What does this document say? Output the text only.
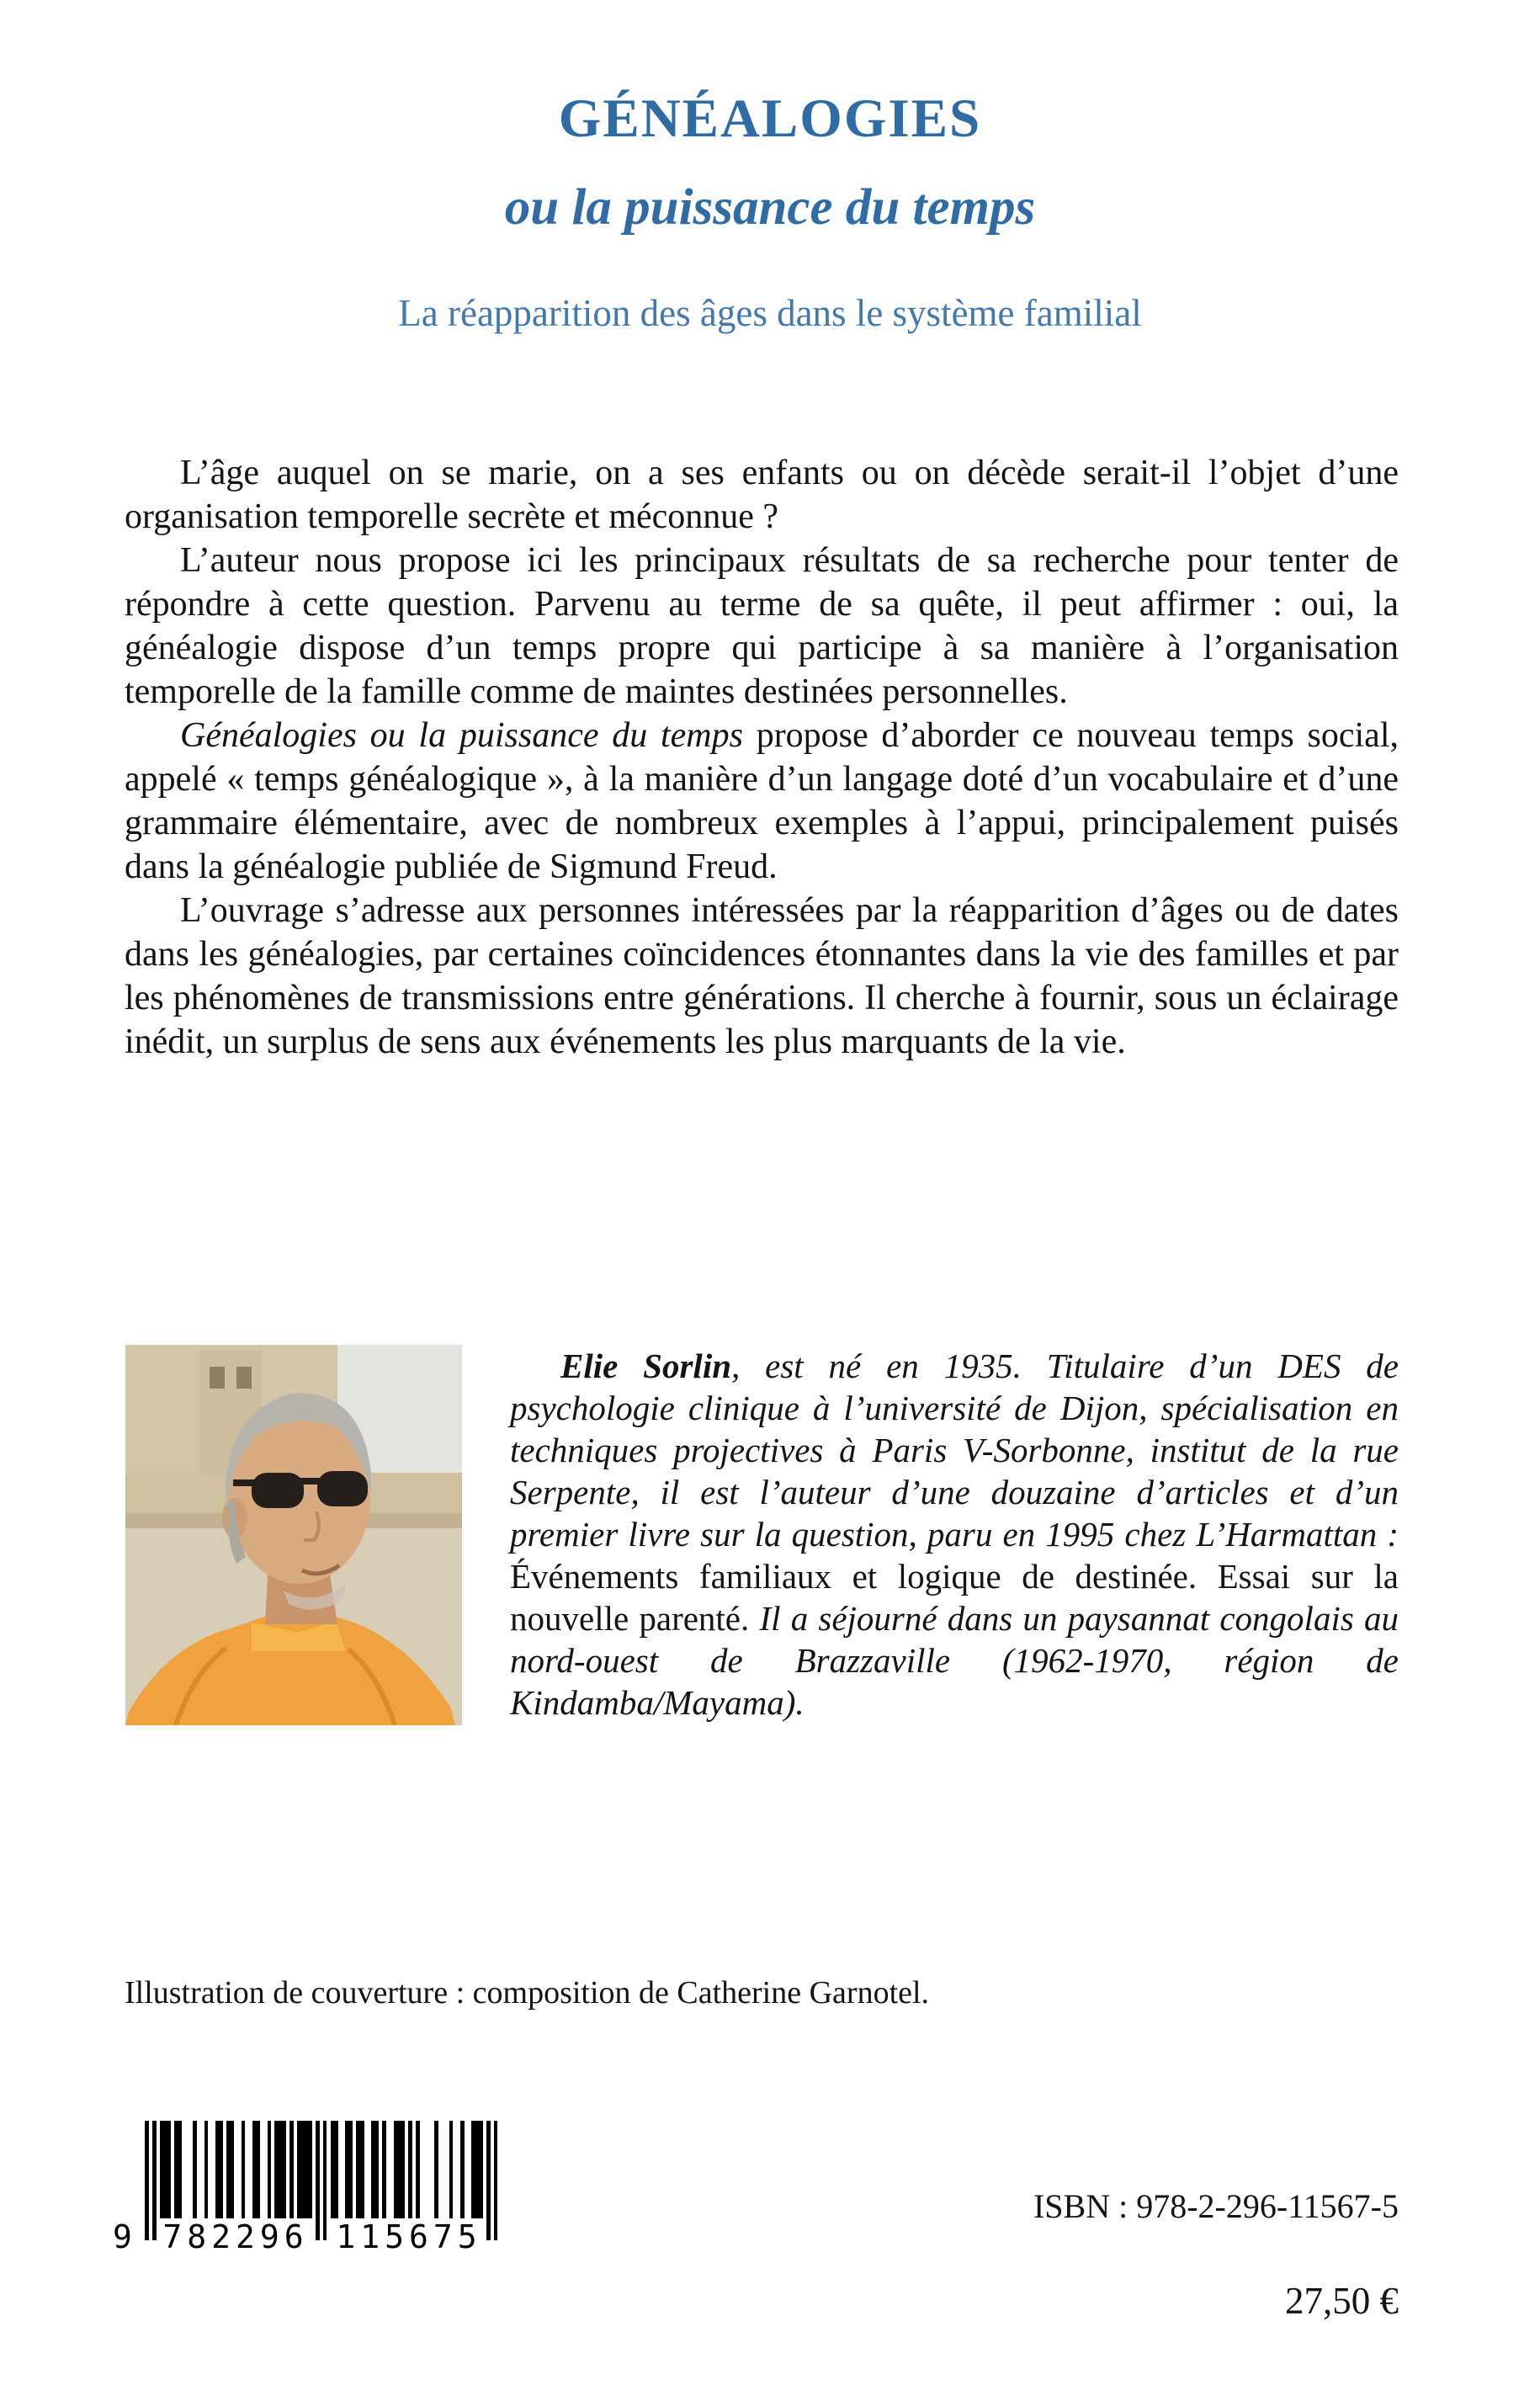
GÉNÉALOGIES
ou la puissance du temps
La réapparition des âges dans le système familial

L’âge auquel on se marie, on a ses enfants ou on décède serait-il l’objet d’une organisation temporelle secrète et méconnue ?

L’auteur nous propose ici les principaux résultats de sa recherche pour tenter de répondre à cette question. Parvenu au terme de sa quête, il peut affirmer : oui, la généalogie dispose d’un temps propre qui participe à sa manière à l’organisation temporelle de la famille comme de maintes destinées personnelles.

Généalogies ou la puissance du temps propose d’aborder ce nouveau temps social, appelé « temps généalogique », à la manière d’un langage doté d’un vocabulaire et d’une grammaire élémentaire, avec de nombreux exemples à l’appui, principalement puisés dans la généalogie publiée de Sigmund Freud.

L’ouvrage s’adresse aux personnes intéressées par la réapparition d’âges ou de dates dans les généalogies, par certaines coïncidences étonnantes dans la vie des familles et par les phénomènes de transmissions entre générations. Il cherche à fournir, sous un éclairage inédit, un surplus de sens aux événements les plus marquants de la vie.

Elie Sorlin, est né en 1935. Titulaire d’un DES de psychologie clinique à l’université de Dijon, spécialisation en techniques projectives à Paris V-Sorbonne, institut de la rue Serpente, il est l’auteur d’une douzaine d’articles et d’un premier livre sur la question, paru en 1995 chez L’Harmattan : Événements familiaux et logique de destinée. Essai sur la nouvelle parenté. Il a séjourné dans un paysannat congolais au nord-ouest de Brazzaville (1962-1970, région de Kindamba/Mayama).

Illustration de couverture : composition de Catherine Garnotel.

9 782296 115675

ISBN : 978-2-296-11567-5

27,50 €
